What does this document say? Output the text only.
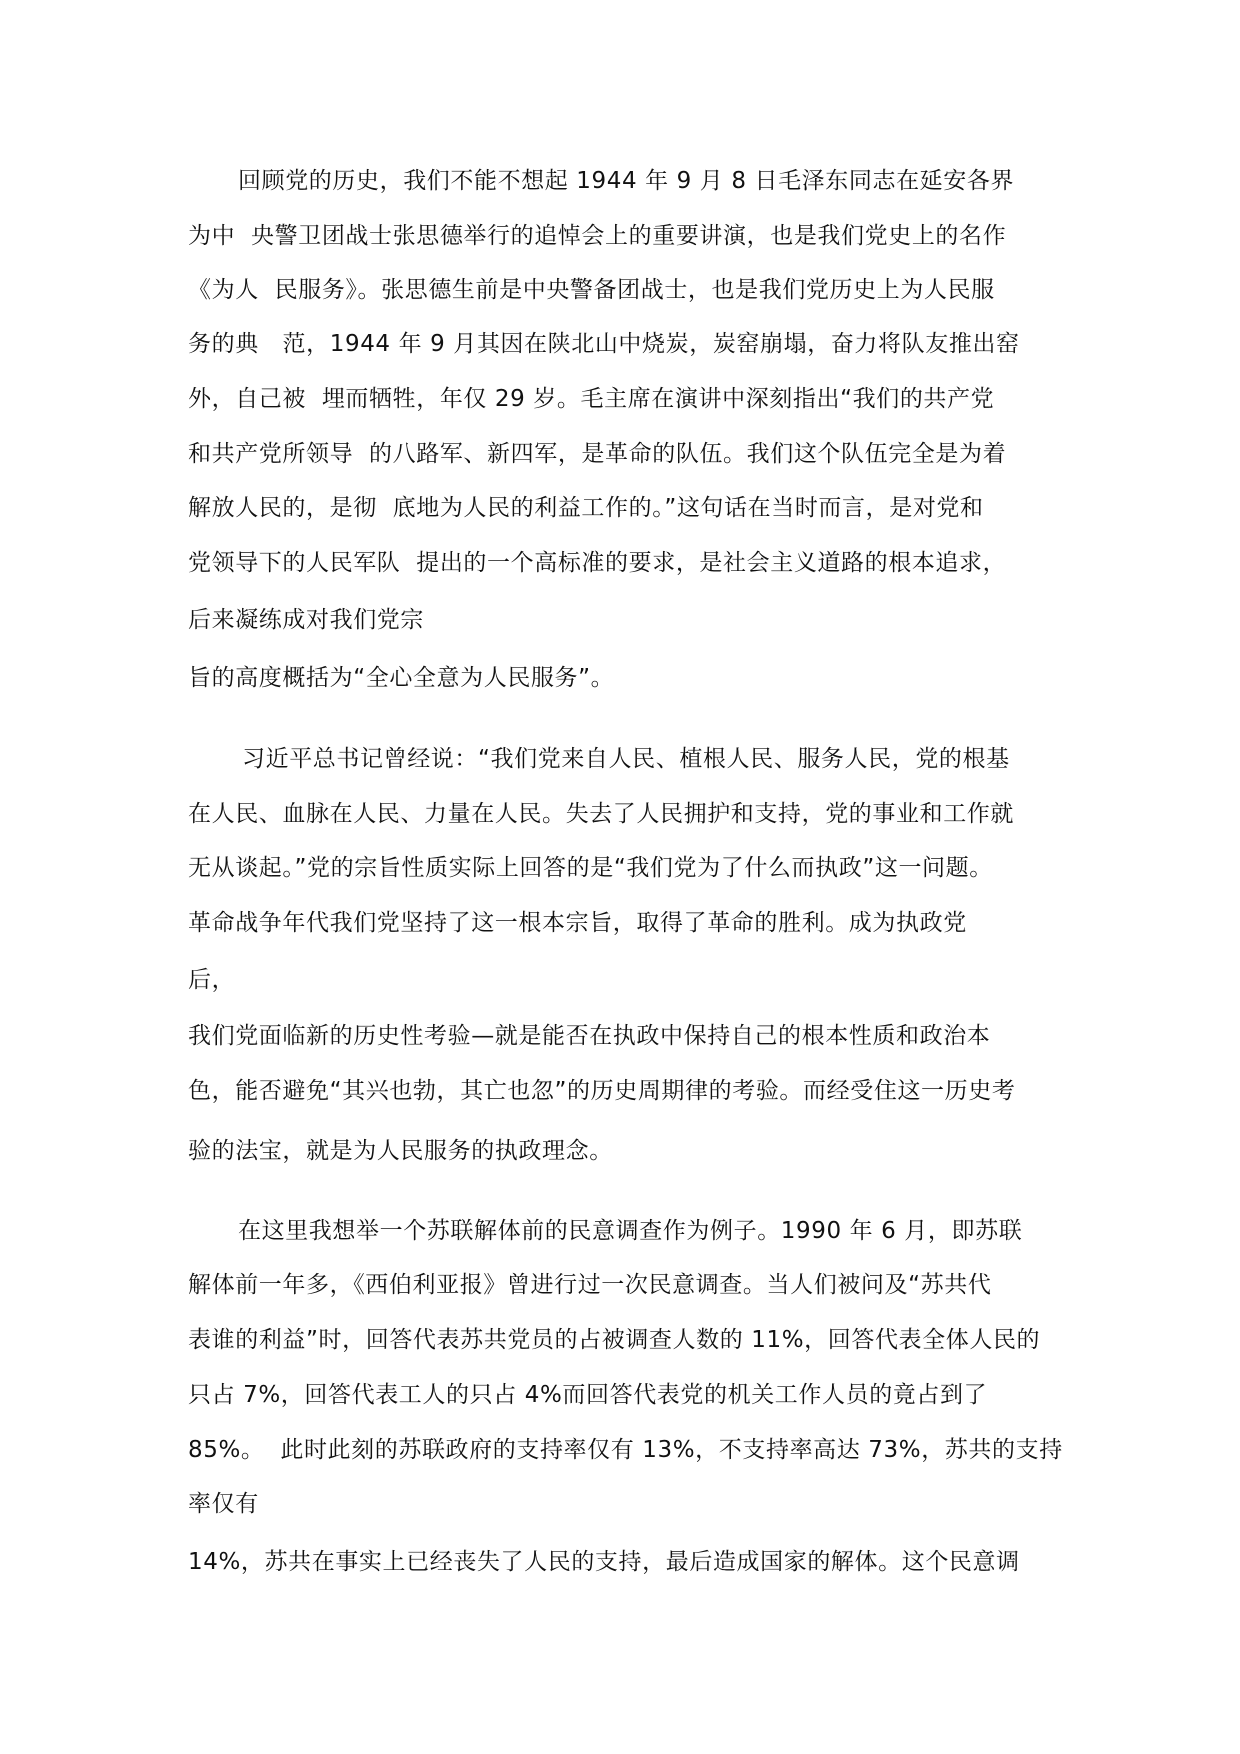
回顾党的历史，我们不能不想起 1944 年 9 月 8 日毛泽东同志在延安各界
为中  央警卫团战士张思德举行的追悼会上的重要讲演，也是我们党史上的名作
《为人  民服务》。张思德生前是中央警备团战士，也是我们党历史上为人民服
务的典   范，1944 年 9 月其因在陕北山中烧炭，炭窑崩塌，奋力将队友推出窑
外，自己被  埋而牺牲，年仅 29 岁。毛主席在演讲中深刻指出“我们的共产党
和共产党所领导  的八路军、新四军，是革命的队伍。我们这个队伍完全是为着
解放人民的，是彻  底地为人民的利益工作的。”这句话在当时而言，是对党和
党领导下的人民军队  提出的一个高标准的要求，是社会主义道路的根本追求，
后来凝练成对我们党宗
旨的高度概括为“全心全意为人民服务”。
习近平总书记曾经说：“我们党来自人民、植根人民、服务人民，党的根基
在人民、血脉在人民、力量在人民。失去了人民拥护和支持，党的事业和工作就
无从谈起。”党的宗旨性质实际上回答的是“我们党为了什么而执政”这一问题。
革命战争年代我们党坚持了这一根本宗旨，取得了革命的胜利。成为执政党
后，
我们党面临新的历史性考验—就是能否在执政中保持自己的根本性质和政治本
色，能否避免“其兴也勃，其亡也忽”的历史周期律的考验。而经受住这一历史考
验的法宝，就是为人民服务的执政理念。
在这里我想举一个苏联解体前的民意调查作为例子。1990 年 6 月，即苏联
解体前一年多，《西伯利亚报》曾进行过一次民意调查。当人们被问及“苏共代
表谁的利益”时，回答代表苏共党员的占被调查人数的 11%，回答代表全体人民的
只占 7%，回答代表工人的只占 4%而回答代表党的机关工作人员的竟占到了
85%。  此时此刻的苏联政府的支持率仅有 13%，不支持率高达 73%，苏共的支持
率仅有
14%，苏共在事实上已经丧失了人民的支持，最后造成国家的解体。这个民意调
